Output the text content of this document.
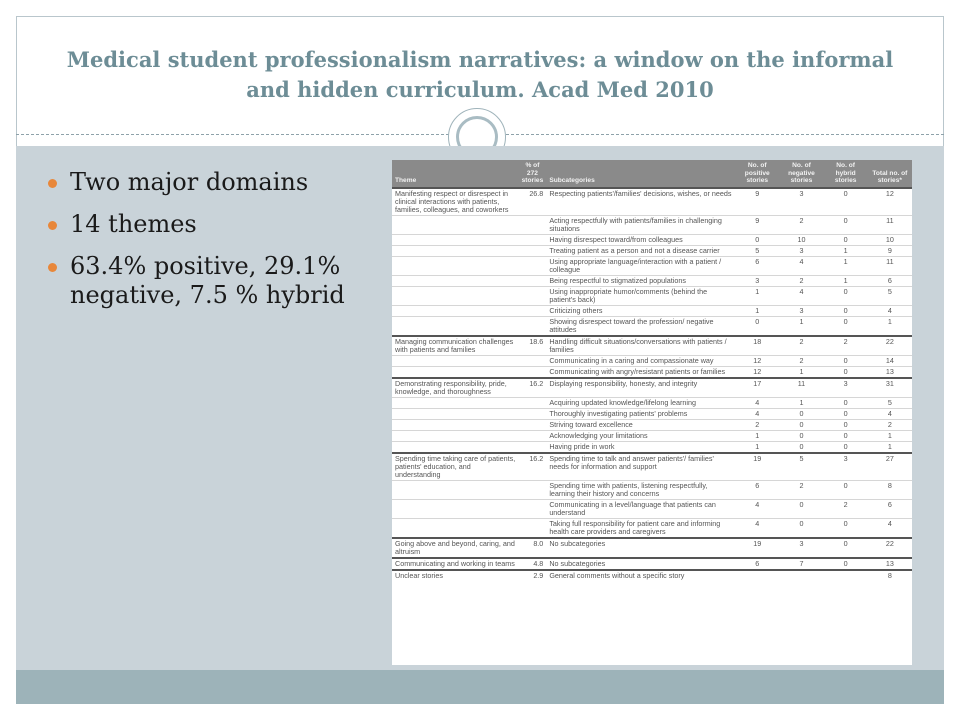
Medical student professionalism narratives: a window on the informal
and hidden curriculum. Acad Med 2010
Two major domains
14 themes
63.4% positive, 29.1% negative, 7.5 % hybrid
Theme	% of 272 stories	Subcategories	No. of positive stories	No. of negative stories	No. of hybrid stories	Total no. of stories*
Manifesting respect or disrespect in clinical interactions with patients, families, colleagues, and coworkers	26.8	Respecting patients'/families' decisions, wishes, or needs	9	3	0	12
		Acting respectfully with patients/families in challenging situations	9	2	0	11
		Having disrespect toward/from colleagues	0	10	0	10
		Treating patient as a person and not a disease carrier	5	3	1	9
		Using appropriate language/interaction with a patient / colleague	6	4	1	11
		Being respectful to stigmatized populations	3	2	1	6
		Using inappropriate humor/comments (behind the patient's back)	1	4	0	5
		Criticizing others	1	3	0	4
		Showing disrespect toward the profession/ negative attitudes	0	1	0	1
Managing communication challenges with patients and families	18.6	Handling difficult situations/conversations with patients / families	18	2	2	22
		Communicating in a caring and compassionate way	12	2	0	14
		Communicating with angry/resistant patients or families	12	1	0	13
Demonstrating responsibility, pride, knowledge, and thoroughness	16.2	Displaying responsibility, honesty, and integrity	17	11	3	31
		Acquiring updated knowledge/lifelong learning	4	1	0	5
		Thoroughly investigating patients' problems	4	0	0	4
		Striving toward excellence	2	0	0	2
		Acknowledging your limitations	1	0	0	1
		Having pride in work	1	0	0	1
Spending time taking care of patients, patients' education, and understanding	16.2	Spending time to talk and answer patients'/ families' needs for information and support	19	5	3	27
		Spending time with patients, listening respectfully, learning their history and concerns	6	2	0	8
		Communicating in a level/language that patients can understand	4	0	2	6
		Taking full responsibility for patient care and informing health care providers and caregivers	4	0	0	4
Going above and beyond, caring, and altruism	8.0	No subcategories	19	3	0	22
Communicating and working in teams	4.8	No subcategories	6	7	0	13
Unclear stories	2.9	General comments without a specific story				8
